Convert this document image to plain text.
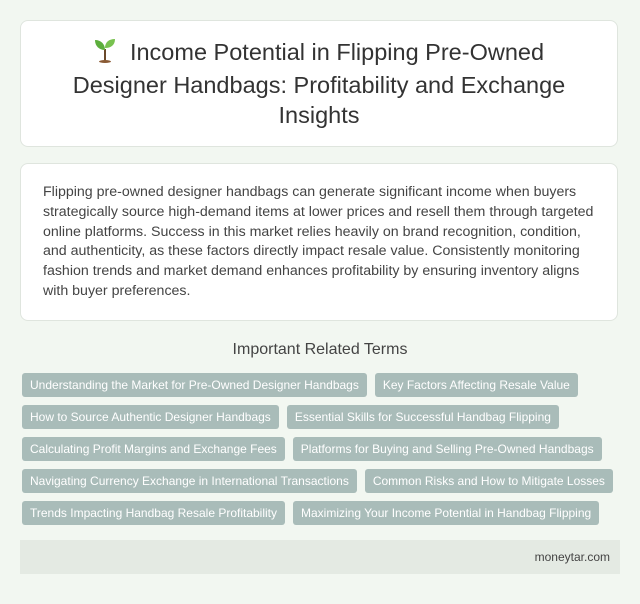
Income Potential in Flipping Pre-Owned Designer Handbags: Profitability and Exchange Insights

Flipping pre-owned designer handbags can generate significant income when buyers strategically source high-demand items at lower prices and resell them through targeted online platforms. Success in this market relies heavily on brand recognition, condition, and authenticity, as these factors directly impact resale value. Consistently monitoring fashion trends and market demand enhances profitability by ensuring inventory aligns with buyer preferences.

Important Related Terms
Understanding the Market for Pre-Owned Designer Handbags	Key Factors Affecting Resale Value
How to Source Authentic Designer Handbags	Essential Skills for Successful Handbag Flipping
Calculating Profit Margins and Exchange Fees	Platforms for Buying and Selling Pre-Owned Handbags
Navigating Currency Exchange in International Transactions	Common Risks and How to Mitigate Losses
Trends Impacting Handbag Resale Profitability	Maximizing Your Income Potential in Handbag Flipping
moneytar.com
